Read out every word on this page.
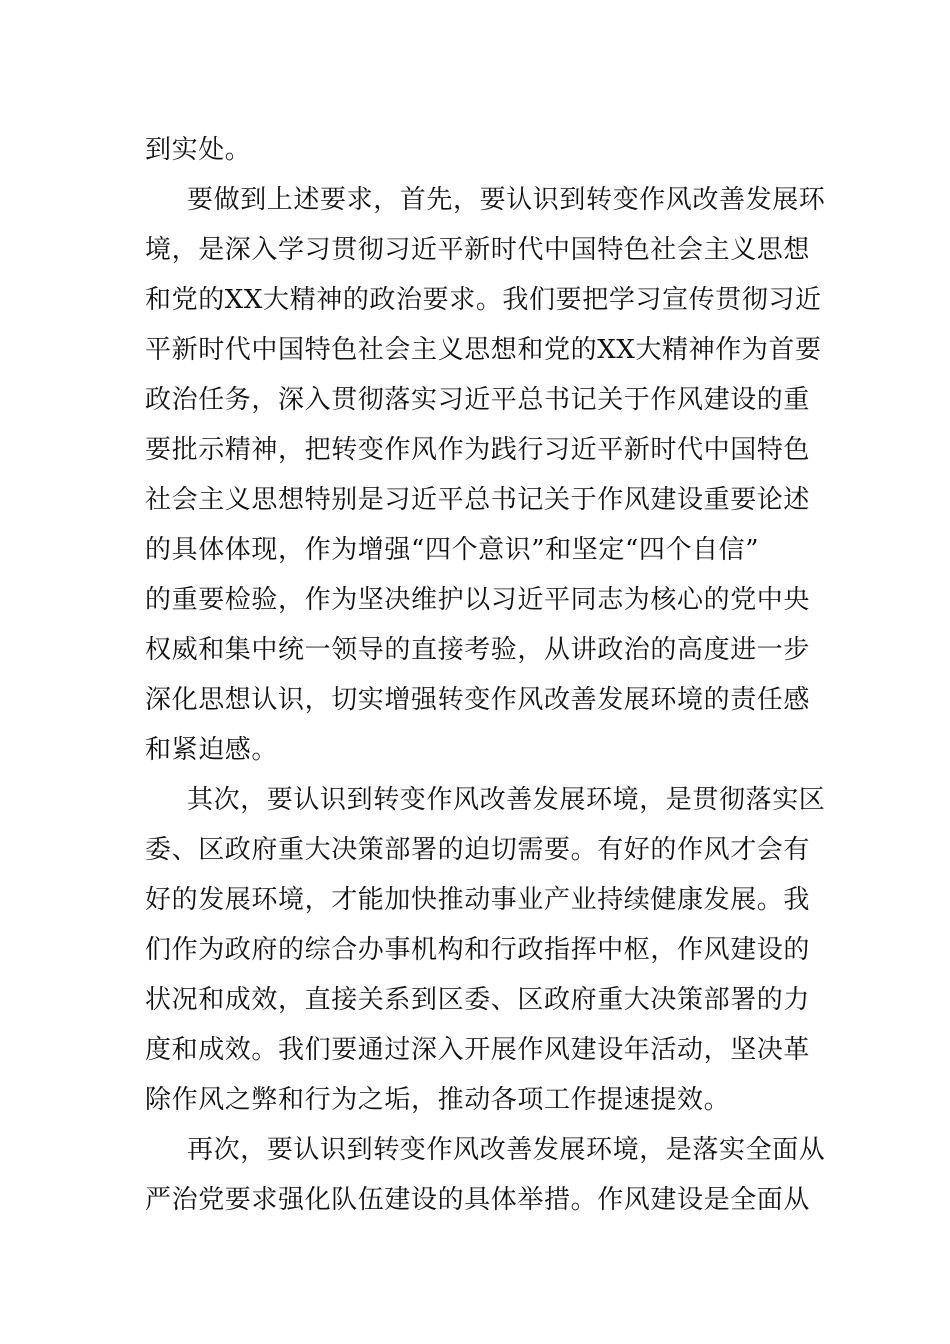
到实处。
要做到上述要求，首先，要认识到转变作风改善发展环
境，是深入学习贯彻习近平新时代中国特色社会主义思想
和党的XX大精神的政治要求。我们要把学习宣传贯彻习近
平新时代中国特色社会主义思想和党的XX大精神作为首要
政治任务，深入贯彻落实习近平总书记关于作风建设的重
要批示精神，把转变作风作为践行习近平新时代中国特色
社会主义思想特别是习近平总书记关于作风建设重要论述
的具体体现，作为增强“四个意识”和坚定“四个自信”
的重要检验，作为坚决维护以习近平同志为核心的党中央
权威和集中统一领导的直接考验，从讲政治的高度进一步
深化思想认识，切实增强转变作风改善发展环境的责任感
和紧迫感。
其次，要认识到转变作风改善发展环境，是贯彻落实区
委、区政府重大决策部署的迫切需要。有好的作风才会有
好的发展环境，才能加快推动事业产业持续健康发展。我
们作为政府的综合办事机构和行政指挥中枢，作风建设的
状况和成效，直接关系到区委、区政府重大决策部署的力
度和成效。我们要通过深入开展作风建设年活动，坚决革
除作风之弊和行为之垢，推动各项工作提速提效。
再次，要认识到转变作风改善发展环境，是落实全面从
严治党要求强化队伍建设的具体举措。作风建设是全面从
